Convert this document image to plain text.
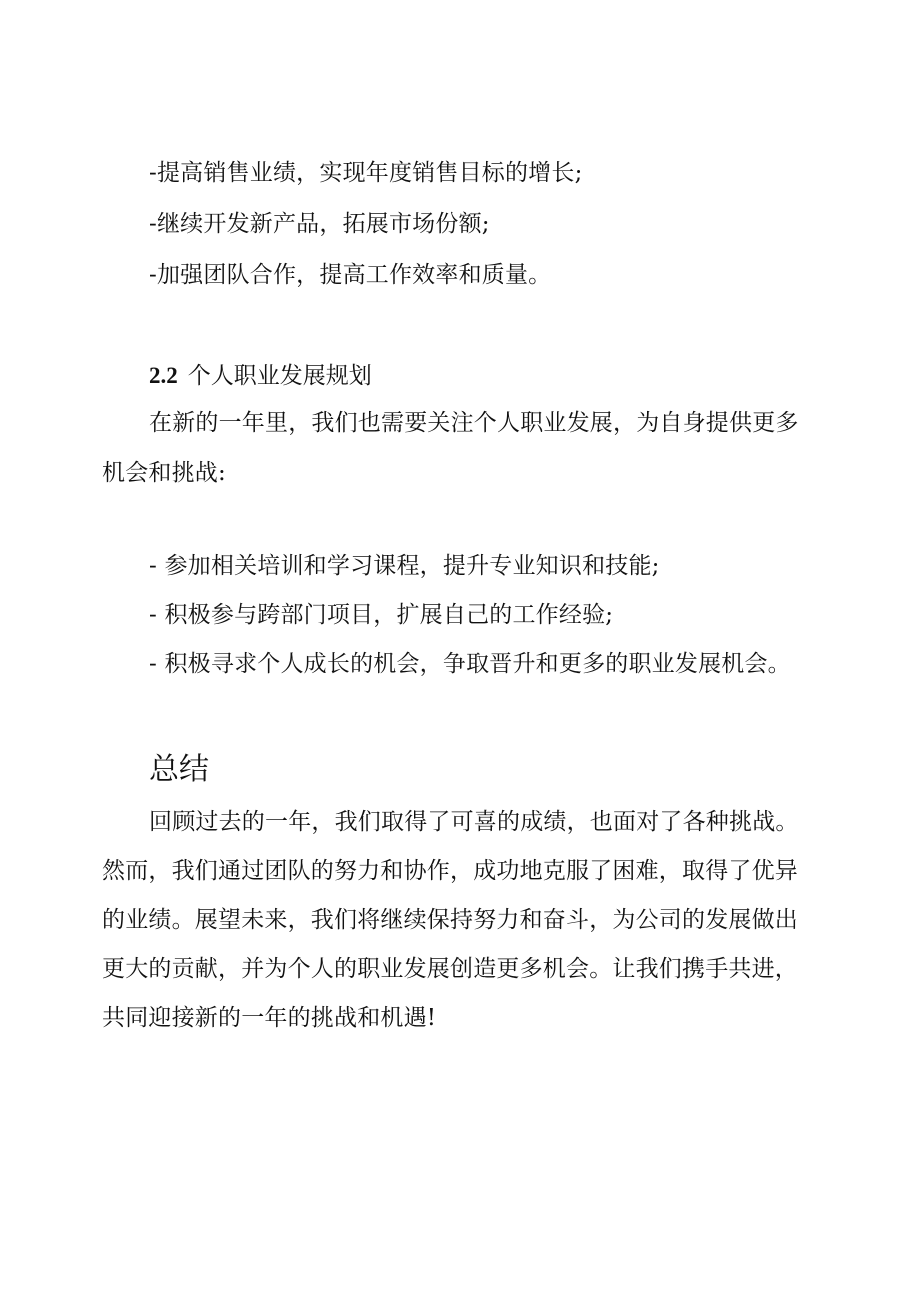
-提高销售业绩，实现年度销售目标的增长;
-继续开发新产品，拓展市场份额;
-加强团队合作，提高工作效率和质量。
2.2 个人职业发展规划
在新的一年里，我们也需要关注个人职业发展，为自身提供更多
机会和挑战:
- 参加相关培训和学习课程，提升专业知识和技能;
- 积极参与跨部门项目，扩展自己的工作经验;
- 积极寻求个人成长的机会，争取晋升和更多的职业发展机会。
总结
回顾过去的一年，我们取得了可喜的成绩，也面对了各种挑战。
然而，我们通过团队的努力和协作，成功地克服了困难，取得了优异
的业绩。展望未来，我们将继续保持努力和奋斗，为公司的发展做出
更大的贡献，并为个人的职业发展创造更多机会。让我们携手共进，
共同迎接新的一年的挑战和机遇!
